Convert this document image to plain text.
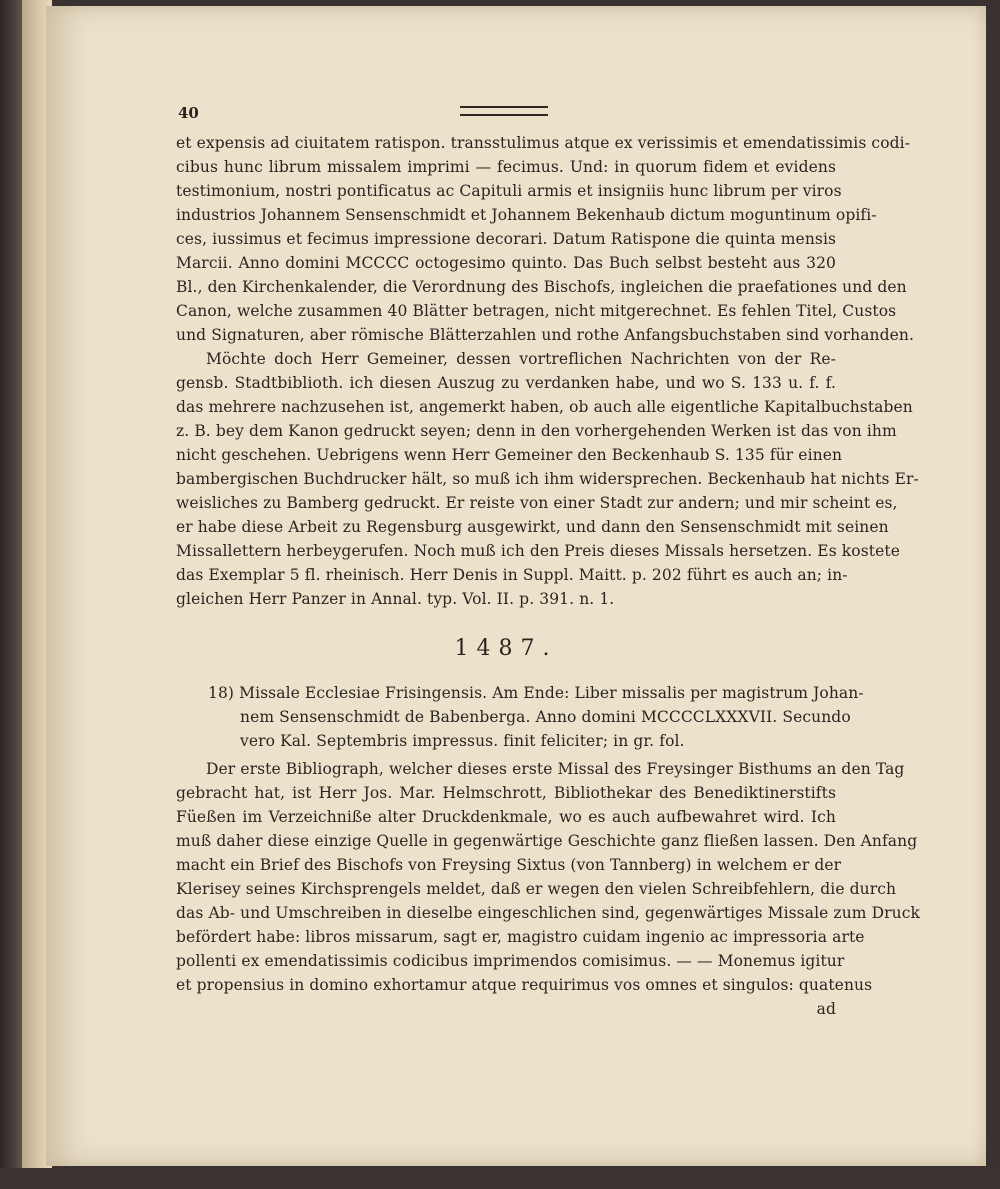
40
et expensis ad ciuitatem ratispon. transstulimus atque ex verissimis et emendatissimis codi-
cibus hunc librum missalem imprimi — fecimus. Und: in quorum fidem et evidens
testimonium, nostri pontificatus ac Capituli armis et insigniis hunc librum per viros
industrios Johannem Sensenschmidt et Johannem Bekenhaub dictum moguntinum opifi-
ces, iussimus et fecimus impressione decorari. Datum Ratispone die quinta mensis
Marcii. Anno domini MCCCC octogesimo quinto. Das Buch selbst besteht aus 320
Bl., den Kirchenkalender, die Verordnung des Bischofs, ingleichen die praefationes und den
Canon, welche zusammen 40 Blätter betragen, nicht mitgerechnet. Es fehlen Titel, Custos
und Signaturen, aber römische Blätterzahlen und rothe Anfangsbuchstaben sind vorhanden.
Möchte doch Herr Gemeiner, dessen vortreflichen Nachrichten von der Re-
gensb. Stadtbiblioth. ich diesen Auszug zu verdanken habe, und wo S. 133 u. f. f.
das mehrere nachzusehen ist, angemerkt haben, ob auch alle eigentliche Kapitalbuchstaben
z. B. bey dem Kanon gedruckt seyen; denn in den vorhergehenden Werken ist das von ihm
nicht geschehen. Uebrigens wenn Herr Gemeiner den Beckenhaub S. 135 für einen
bambergischen Buchdrucker hält, so muß ich ihm widersprechen. Beckenhaub hat nichts Er-
weisliches zu Bamberg gedruckt. Er reiste von einer Stadt zur andern; und mir scheint es,
er habe diese Arbeit zu Regensburg ausgewirkt, und dann den Sensenschmidt mit seinen
Missallettern herbeygerufen. Noch muß ich den Preis dieses Missals hersetzen. Es kostete
das Exemplar 5 fl. rheinisch. Herr Denis in Suppl. Maitt. p. 202 führt es auch an; in-
gleichen Herr Panzer in Annal. typ. Vol. II. p. 391. n. 1.
1487.
18) Missale Ecclesiae Frisingensis. Am Ende: Liber missalis per magistrum Johan-
nem Sensenschmidt de Babenberga. Anno domini MCCCCLXXXVII. Secundo
vero Kal. Septembris impressus. finit feliciter; in gr. fol.
Der erste Bibliograph, welcher dieses erste Missal des Freysinger Bisthums an den Tag
gebracht hat, ist Herr Jos. Mar. Helmschrott, Bibliothekar des Benediktinerstifts
Füeßen im Verzeichniße alter Druckdenkmale, wo es auch aufbewahret wird. Ich
muß daher diese einzige Quelle in gegenwärtige Geschichte ganz fließen lassen. Den Anfang
macht ein Brief des Bischofs von Freysing Sixtus (von Tannberg) in welchem er der
Klerisey seines Kirchsprengels meldet, daß er wegen den vielen Schreibfehlern, die durch
das Ab- und Umschreiben in dieselbe eingeschlichen sind, gegenwärtiges Missale zum Druck
befördert habe: libros missarum, sagt er, magistro cuidam ingenio ac impressoria arte
pollenti ex emendatissimis codicibus imprimendos comisimus. — — Monemus igitur
et propensius in domino exhortamur atque requirimus vos omnes et singulos: quatenus
ad
